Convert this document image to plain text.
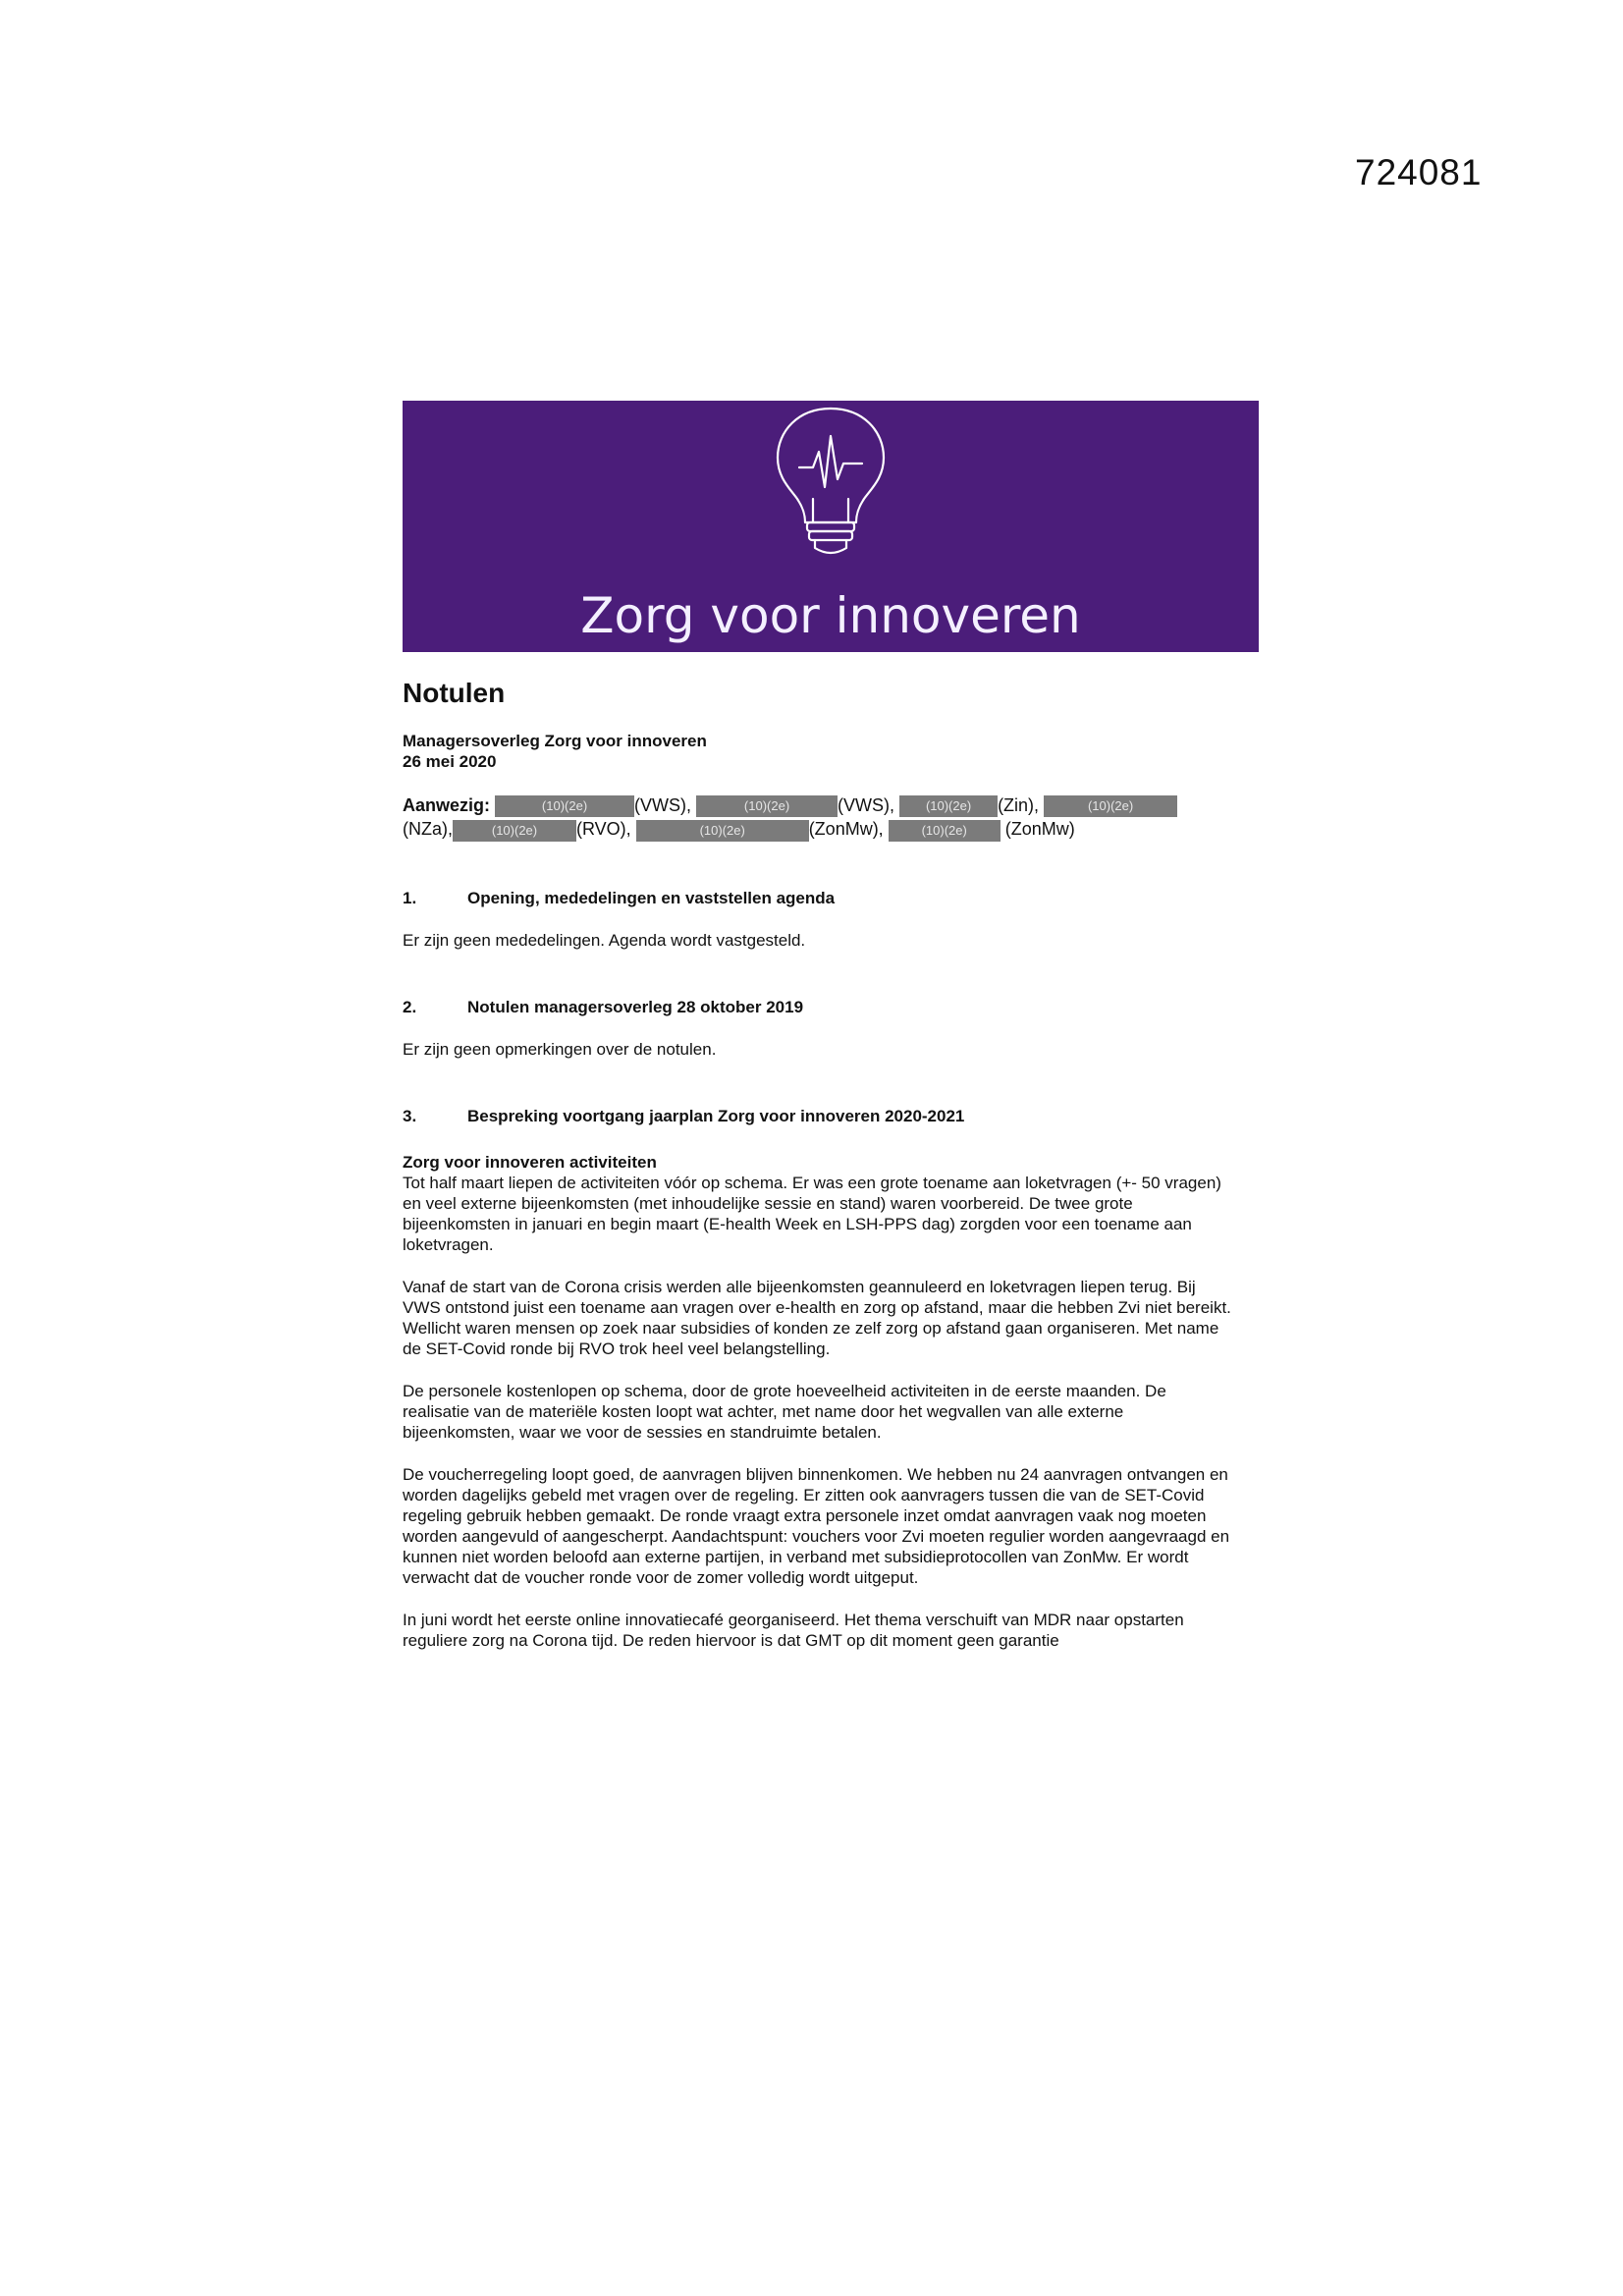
724081
Zorg voor innoveren
Notulen
Managersoverleg Zorg voor innoveren
26 mei 2020
Aanwezig:	(10)(2e)	(VWS),	(10)(2e)	(VWS), (10)(2e) (Zin),	(10)(2e)
(NZa),	(10)(2e) (RVO),	(10)(2e)	(ZonMw),	(10)(2e) (ZonMw)
1.	Opening, mededelingen en vaststellen agenda
Er zijn geen mededelingen. Agenda wordt vastgesteld.
2.	Notulen managersoverleg 28 oktober 2019
Er zijn geen opmerkingen over de notulen.
3.	Bespreking voortgang jaarplan Zorg voor innoveren 2020-2021
Zorg voor innoveren activiteiten
Tot half maart liepen de activiteiten vóór op schema. Er was een grote toename aan loketvragen (+- 50 vragen) en veel externe bijeenkomsten (met inhoudelijke sessie en stand) waren voorbereid. De twee grote bijeenkomsten in januari en begin maart (E-health Week en LSH-PPS dag) zorgden voor een toename aan loketvragen.
Vanaf de start van de Corona crisis werden alle bijeenkomsten geannuleerd en loketvragen liepen terug. Bij VWS ontstond juist een toename aan vragen over e-health en zorg op afstand, maar die hebben Zvi niet bereikt. Wellicht waren mensen op zoek naar subsidies of konden ze zelf zorg op afstand gaan organiseren. Met name de SET-Covid ronde bij RVO trok heel veel belangstelling.
De personele kostenlopen op schema, door de grote hoeveelheid activiteiten in de eerste maanden. De realisatie van de materiële kosten loopt wat achter, met name door het wegvallen van alle externe bijeenkomsten, waar we voor de sessies en standruimte betalen.
De voucherregeling loopt goed, de aanvragen blijven binnenkomen. We hebben nu 24 aanvragen ontvangen en worden dagelijks gebeld met vragen over de regeling. Er zitten ook aanvragers tussen die van de SET-Covid regeling gebruik hebben gemaakt. De ronde vraagt extra personele inzet omdat aanvragen vaak nog moeten worden aangevuld of aangescherpt. Aandachtspunt: vouchers voor Zvi moeten regulier worden aangevraagd en kunnen niet worden beloofd aan externe partijen, in verband met subsidieprotocollen van ZonMw. Er wordt verwacht dat de voucher ronde voor de zomer volledig wordt uitgeput.
In juni wordt het eerste online innovatiecafé georganiseerd. Het thema verschuift van MDR naar opstarten reguliere zorg na Corona tijd. De reden hiervoor is dat GMT op dit moment geen garantie
